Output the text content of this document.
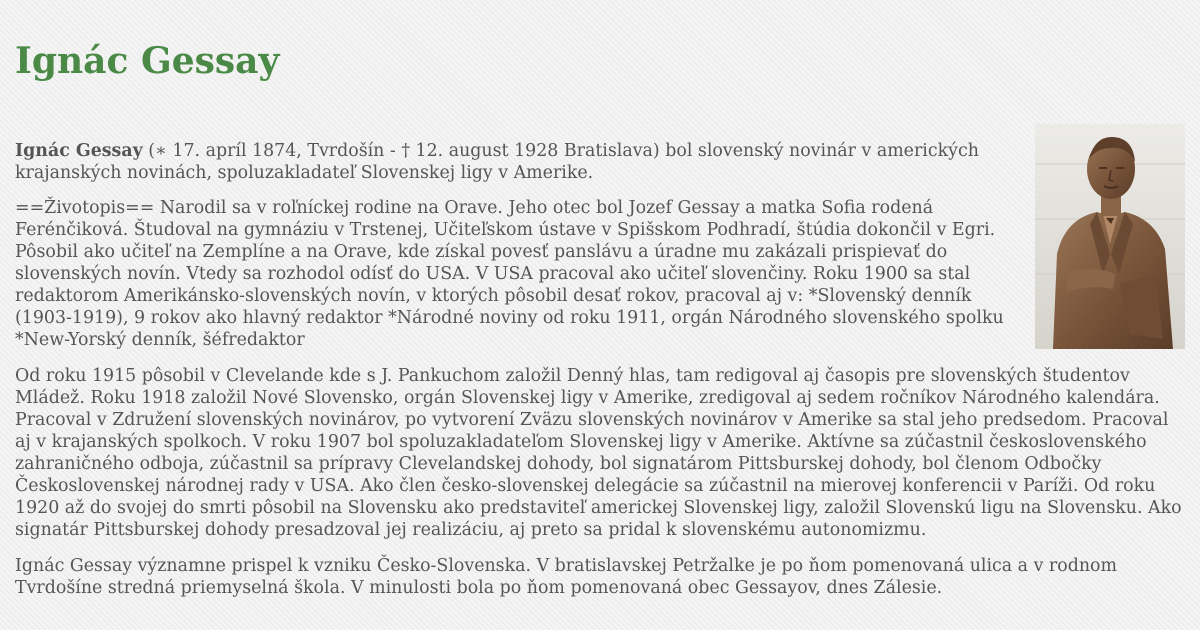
Ignác Gessay

Ignác Gessay (∗ 17. apríl 1874, Tvrdošín - † 12. august 1928 Bratislava) bol slovenský novinár v amerických krajanských novinách, spoluzakladateľ Slovenskej ligy v Amerike.

==Životopis== Narodil sa v roľníckej rodine na Orave. Jeho otec bol Jozef Gessay a matka Sofia rodená Ferénčiková. Študoval na gymnáziu v Trstenej, Učiteľskom ústave v Spišskom Podhradí, štúdia dokončil v Egri. Pôsobil ako učiteľ na Zemplíne a na Orave, kde získal povesť panslávu a úradne mu zakázali prispievať do slovenských novín. Vtedy sa rozhodol odísť do USA. V USA pracoval ako učiteľ slovenčiny. Roku 1900 sa stal redaktorom Amerikánsko-slovenských novín, v ktorých pôsobil desať rokov, pracoval aj v: *Slovenský denník (1903-1919), 9 rokov ako hlavný redaktor *Národné noviny od roku 1911, orgán Národného slovenského spolku *New-Yorský denník, šéfredaktor

Od roku 1915 pôsobil v Clevelande kde s J. Pankuchom založil Denný hlas, tam redigoval aj časopis pre slovenských študentov Mládež. Roku 1918 založil Nové Slovensko, orgán Slovenskej ligy v Amerike, zredigoval aj sedem ročníkov Národného kalendára. Pracoval v Združení slovenských novinárov, po vytvorení Zväzu slovenských novinárov v Amerike sa stal jeho predsedom. Pracoval aj v krajanských spolkoch. V roku 1907 bol spoluzakladateľom Slovenskej ligy v Amerike. Aktívne sa zúčastnil československého zahraničného odboja, zúčastnil sa prípravy Clevelandskej dohody, bol signatárom Pittsburskej dohody, bol členom Odbočky Československej národnej rady v USA. Ako člen česko-slovenskej delegácie sa zúčastnil na mierovej konferencii v Paríži. Od roku 1920 až do svojej do smrti pôsobil na Slovensku ako predstaviteľ americkej Slovenskej ligy, založil Slovenskú ligu na Slovensku. Ako signatár Pittsburskej dohody presadzoval jej realizáciu, aj preto sa pridal k slovenskému autonomizmu.

Ignác Gessay významne prispel k vzniku Česko-Slovenska. V bratislavskej Petržalke je po ňom pomenovaná ulica a v rodnom Tvrdošíne stredná priemyselná škola. V minulosti bola po ňom pomenovaná obec Gessayov, dnes Zálesie.
